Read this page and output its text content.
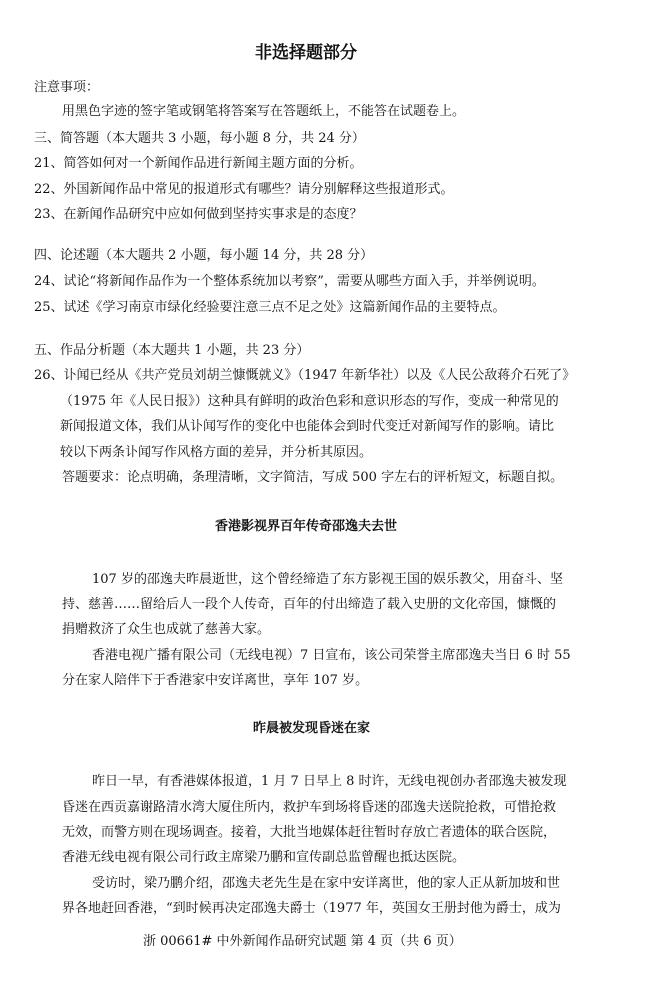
非选择题部分
注意事项：
用黑色字迹的签字笔或钢笔将答案写在答题纸上，不能答在试题卷上。
三、简答题（本大题共 3 小题，每小题 8 分，共 24 分）
21、简答如何对一个新闻作品进行新闻主题方面的分析。
22、外国新闻作品中常见的报道形式有哪些？请分别解释这些报道形式。
23、在新闻作品研究中应如何做到坚持实事求是的态度？
四、论述题（本大题共 2 小题，每小题 14 分，共 28 分）
24、试论“将新闻作品作为一个整体系统加以考察”，需要从哪些方面入手，并举例说明。
25、试述《学习南京市绿化经验要注意三点不足之处》这篇新闻作品的主要特点。
五、作品分析题（本大题共 1 小题，共 23 分）
26、讣闻已经从《共产党员刘胡兰慷慨就义》（1947 年新华社）以及《人民公敌蒋介石死了》
（1975 年《人民日报》）这种具有鲜明的政治色彩和意识形态的写作，变成一种常见的
新闻报道文体，我们从讣闻写作的变化中也能体会到时代变迁对新闻写作的影响。请比
较以下两条讣闻写作风格方面的差异，并分析其原因。
答题要求：论点明确，条理清晰，文字简洁，写成 500 字左右的评析短文，标题自拟。
香港影视界百年传奇邵逸夫去世
107 岁的邵逸夫昨晨逝世，这个曾经缔造了东方影视王国的娱乐教父，用奋斗、坚
持、慈善……留给后人一段个人传奇，百年的付出缔造了载入史册的文化帝国，慷慨的
捐赠救济了众生也成就了慈善大家。
香港电视广播有限公司（无线电视）7 日宣布，该公司荣誉主席邵逸夫当日 6 时 55
分在家人陪伴下于香港家中安详离世，享年 107 岁。
昨晨被发现昏迷在家
昨日一早，有香港媒体报道，1 月 7 日早上 8 时许，无线电视创办者邵逸夫被发现
昏迷在西贡嘉谢路清水湾大厦住所内，救护车到场将昏迷的邵逸夫送院抢救，可惜抢救
无效，而警方则在现场调查。接着，大批当地媒体赶往暂时存放亡者遗体的联合医院，
香港无线电视有限公司行政主席梁乃鹏和宣传副总监曾醒也抵达医院。
受访时，梁乃鹏介绍，邵逸夫老先生是在家中安详离世，他的家人正从新加坡和世
界各地赶回香港，“到时候再决定邵逸夫爵士（1977 年，英国女王册封他为爵士，成为
浙 00661# 中外新闻作品研究试题 第 4 页（共 6 页）
